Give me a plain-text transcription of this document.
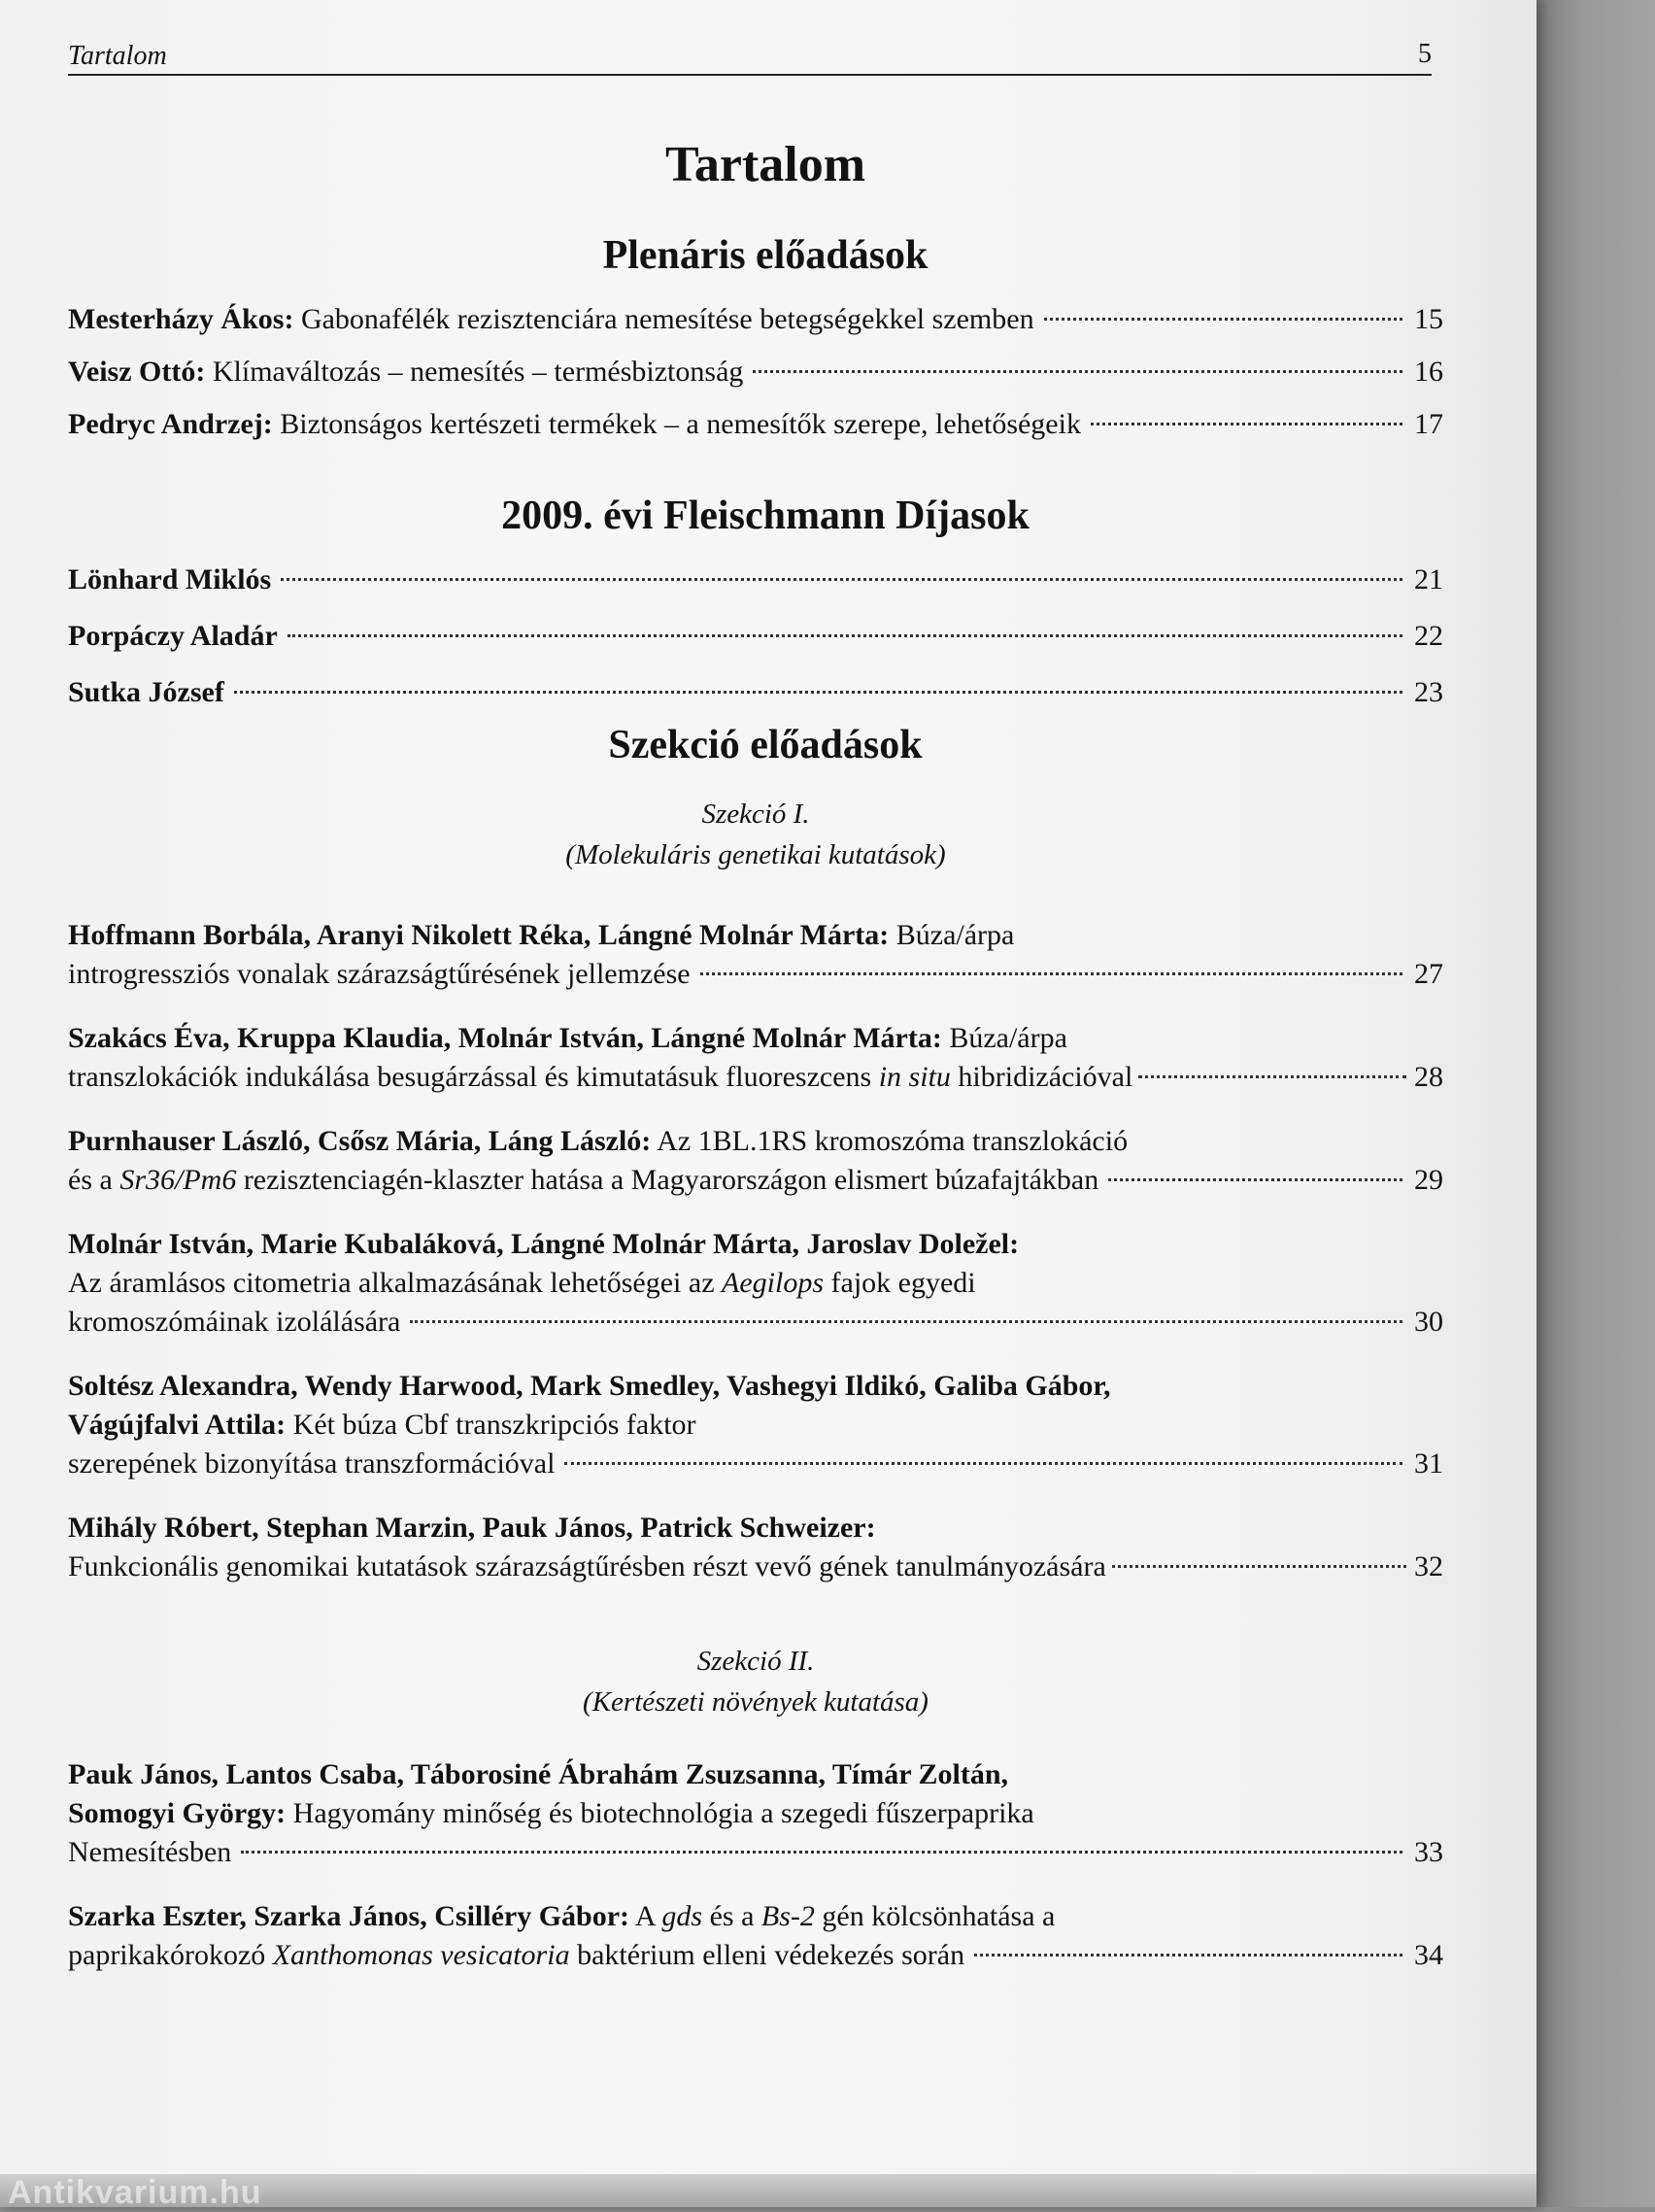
Tartalom	5
Tartalom
Plenáris előadások
Mesterházy Ákos: Gabonafélék rezisztenciára nemesítése betegségekkel szemben	15
Veisz Ottó: Klímaváltozás – nemesítés – termésbiztonság	16
Pedryc Andrzej: Biztonságos kertészeti termékek – a nemesítők szerepe, lehetőségeik	17
2009. évi Fleischmann Díjasok
Lönhard Miklós	21
Porpáczy Aladár	22
Sutka József	23
Szekció előadások
Szekció I.
(Molekuláris genetikai kutatások)
Hoffmann Borbála, Aranyi Nikolett Réka, Lángné Molnár Márta: Búza/árpa
introgressziós vonalak szárazságtűrésének jellemzése	27
Szakács Éva, Kruppa Klaudia, Molnár István, Lángné Molnár Márta: Búza/árpa
transzlokációk indukálása besugárzással és kimutatásuk fluoreszcens in situ hibridizációval	28
Purnhauser László, Csősz Mária, Láng László: Az 1BL.1RS kromoszóma transzlokáció
és a Sr36/Pm6 rezisztenciagén-klaszter hatása a Magyarországon elismert búzafajtákban	29
Molnár István, Marie Kubaláková, Lángné Molnár Márta, Jaroslav Doležel:
Az áramlásos citometria alkalmazásának lehetőségei az Aegilops fajok egyedi
kromoszómáinak izolálására	30
Soltész Alexandra, Wendy Harwood, Mark Smedley, Vashegyi Ildikó, Galiba Gábor,
Vágújfalvi Attila: Két búza Cbf transzkripciós faktor
szerepének bizonyítása transzformációval	31
Mihály Róbert, Stephan Marzin, Pauk János, Patrick Schweizer:
Funkcionális genomikai kutatások szárazságtűrésben részt vevő gének tanulmányozására	32
Szekció II.
(Kertészeti növények kutatása)
Pauk János, Lantos Csaba, Táborosiné Ábrahám Zsuzsanna, Tímár Zoltán,
Somogyi György: Hagyomány minőség és biotechnológia a szegedi fűszerpaprika
Nemesítésben	33
Szarka Eszter, Szarka János, Csilléry Gábor: A gds és a Bs-2 gén kölcsönhatása a
paprikakórokozó Xanthomonas vesicatoria baktérium elleni védekezés során	34
Antikvarium.hu
